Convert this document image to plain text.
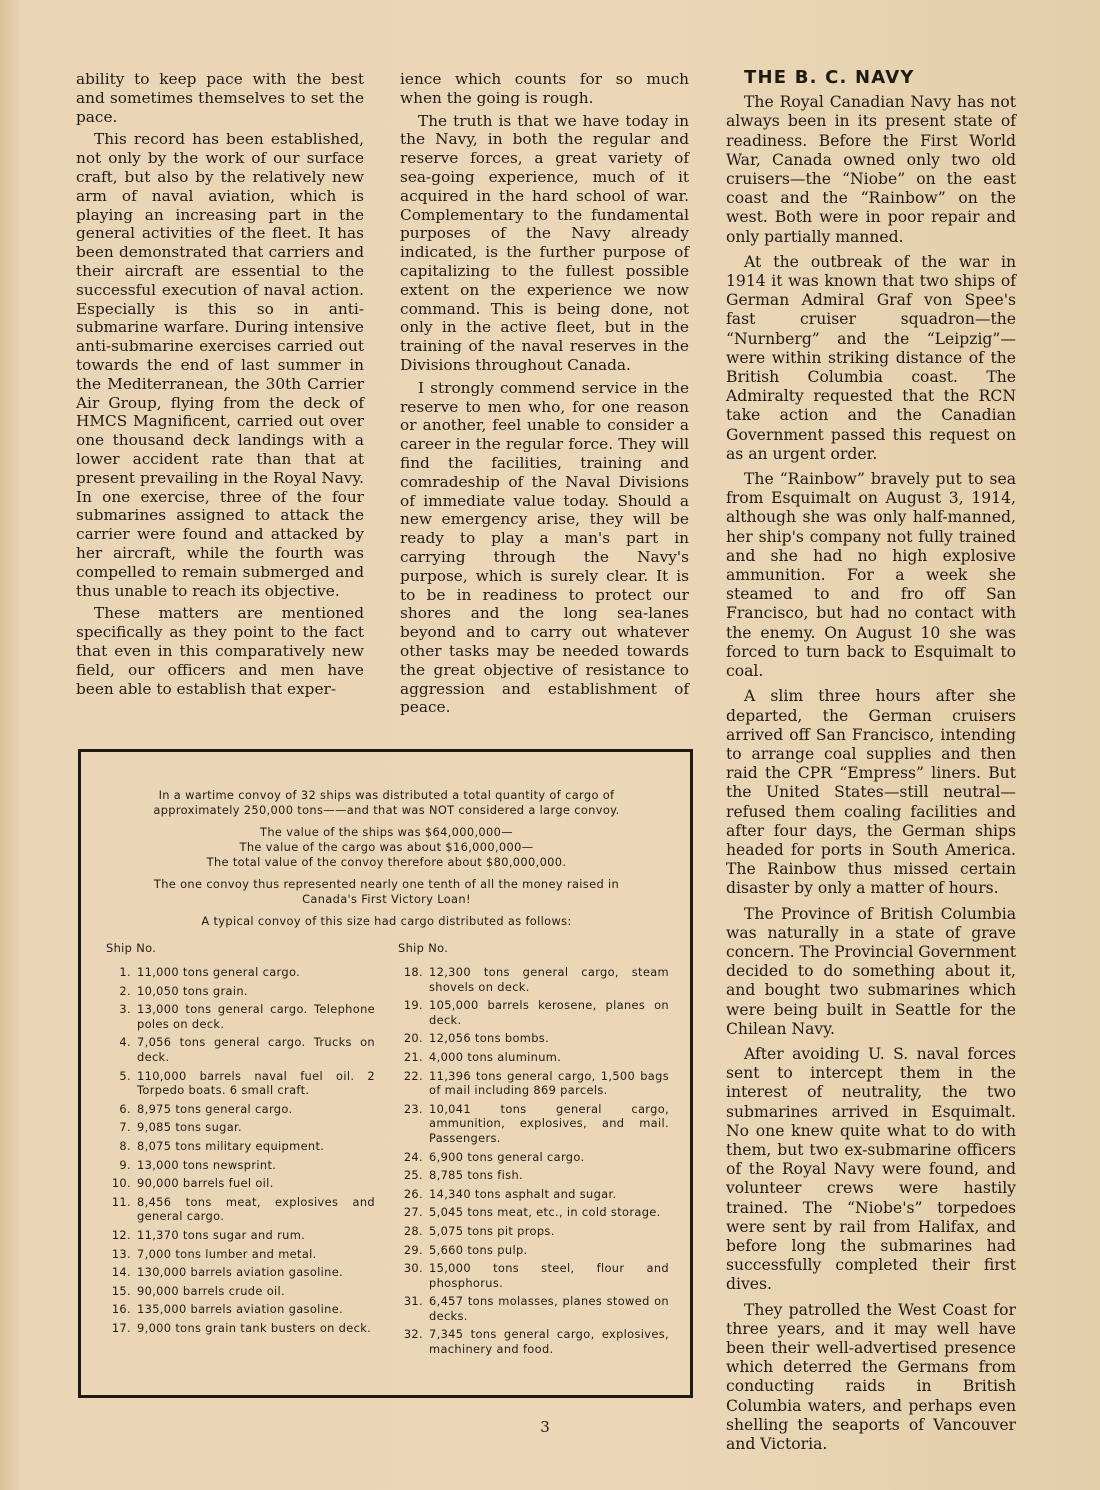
ability to keep pace with the best and sometimes themselves to set the pace.

This record has been established, not only by the work of our surface craft, but also by the relatively new arm of naval aviation, which is playing an increasing part in the general activities of the fleet. It has been demonstrated that carriers and their aircraft are essential to the successful execution of naval action. Especially is this so in anti-submarine warfare. During intensive anti-submarine exercises carried out towards the end of last summer in the Mediterranean, the 30th Carrier Air Group, flying from the deck of HMCS Magnificent, carried out over one thousand deck landings with a lower accident rate than that at present prevailing in the Royal Navy. In one exercise, three of the four submarines assigned to attack the carrier were found and attacked by her aircraft, while the fourth was compelled to remain submerged and thus unable to reach its objective.

These matters are mentioned specifically as they point to the fact that even in this comparatively new field, our officers and men have been able to establish that exper-

ience which counts for so much when the going is rough.

The truth is that we have today in the Navy, in both the regular and reserve forces, a great variety of sea-going experience, much of it acquired in the hard school of war. Complementary to the fundamental purposes of the Navy already indicated, is the further purpose of capitalizing to the fullest possible extent on the experience we now command. This is being done, not only in the active fleet, but in the training of the naval reserves in the Divisions throughout Canada.

I strongly commend service in the reserve to men who, for one reason or another, feel unable to consider a career in the regular force. They will find the facilities, training and comradeship of the Naval Divisions of immediate value today. Should a new emergency arise, they will be ready to play a man's part in carrying through the Navy's purpose, which is surely clear. It is to be in readiness to protect our shores and the long sea-lanes beyond and to carry out whatever other tasks may be needed towards the great objective of resistance to aggression and establishment of peace.

THE B. C. NAVY

The Royal Canadian Navy has not always been in its present state of readiness. Before the First World War, Canada owned only two old cruisers—the “Niobe” on the east coast and the “Rainbow” on the west. Both were in poor repair and only partially manned.

At the outbreak of the war in 1914 it was known that two ships of German Admiral Graf von Spee's fast cruiser squadron—the “Nurnberg” and the “Leipzig”—were within striking distance of the British Columbia coast. The Admiralty requested that the RCN take action and the Canadian Government passed this request on as an urgent order.

The “Rainbow” bravely put to sea from Esquimalt on August 3, 1914, although she was only half-manned, her ship's company not fully trained and she had no high explosive ammunition. For a week she steamed to and fro off San Francisco, but had no contact with the enemy. On August 10 she was forced to turn back to Esquimalt to coal.

A slim three hours after she departed, the German cruisers arrived off San Francisco, intending to arrange coal supplies and then raid the CPR “Empress” liners. But the United States—still neutral—refused them coaling facilities and after four days, the German ships headed for ports in South America. The Rainbow thus missed certain disaster by only a matter of hours.

The Province of British Columbia was naturally in a state of grave concern. The Provincial Government decided to do something about it, and bought two submarines which were being built in Seattle for the Chilean Navy.

After avoiding U. S. naval forces sent to intercept them in the interest of neutrality, the two submarines arrived in Esquimalt. No one knew quite what to do with them, but two ex-submarine officers of the Royal Navy were found, and volunteer crews were hastily trained. The “Niobe's” torpedoes were sent by rail from Halifax, and before long the submarines had successfully completed their first dives.

They patrolled the West Coast for three years, and it may well have been their well-advertised presence which deterred the Germans from conducting raids in British Columbia waters, and perhaps even shelling the seaports of Vancouver and Victoria.

In a wartime convoy of 32 ships was distributed a total quantity of cargo of
approximately 250,000 tons——and that was NOT considered a large convoy.
The value of the ships was $64,000,000—
The value of the cargo was about $16,000,000—
The total value of the convoy therefore about $80,000,000.
The one convoy thus represented nearly one tenth of all the money raised in
Canada's First Victory Loan!
A typical convoy of this size had cargo distributed as follows:
Ship No.
1. 11,000 tons general cargo.
2. 10,050 tons grain.
3. 13,000 tons general cargo. Telephone poles on deck.
4. 7,056 tons general cargo. Trucks on deck.
5. 110,000 barrels naval fuel oil. 2 Torpedo boats. 6 small craft.
6. 8,975 tons general cargo.
7. 9,085 tons sugar.
8. 8,075 tons military equipment.
9. 13,000 tons newsprint.
10. 90,000 barrels fuel oil.
11. 8,456 tons meat, explosives and general cargo.
12. 11,370 tons sugar and rum.
13. 7,000 tons lumber and metal.
14. 130,000 barrels aviation gasoline.
15. 90,000 barrels crude oil.
16. 135,000 barrels aviation gasoline.
17. 9,000 tons grain tank busters on deck.
Ship No.
18. 12,300 tons general cargo, steam shovels on deck.
19. 105,000 barrels kerosene, planes on deck.
20. 12,056 tons bombs.
21. 4,000 tons aluminum.
22. 11,396 tons general cargo, 1,500 bags of mail including 869 parcels.
23. 10,041 tons general cargo, ammunition, explosives, and mail. Passengers.
24. 6,900 tons general cargo.
25. 8,785 tons fish.
26. 14,340 tons asphalt and sugar.
27. 5,045 tons meat, etc., in cold storage.
28. 5,075 tons pit props.
29. 5,660 tons pulp.
30. 15,000 tons steel, flour and phosphorus.
31. 6,457 tons molasses, planes stowed on decks.
32. 7,345 tons general cargo, explosives, machinery and food.
3
